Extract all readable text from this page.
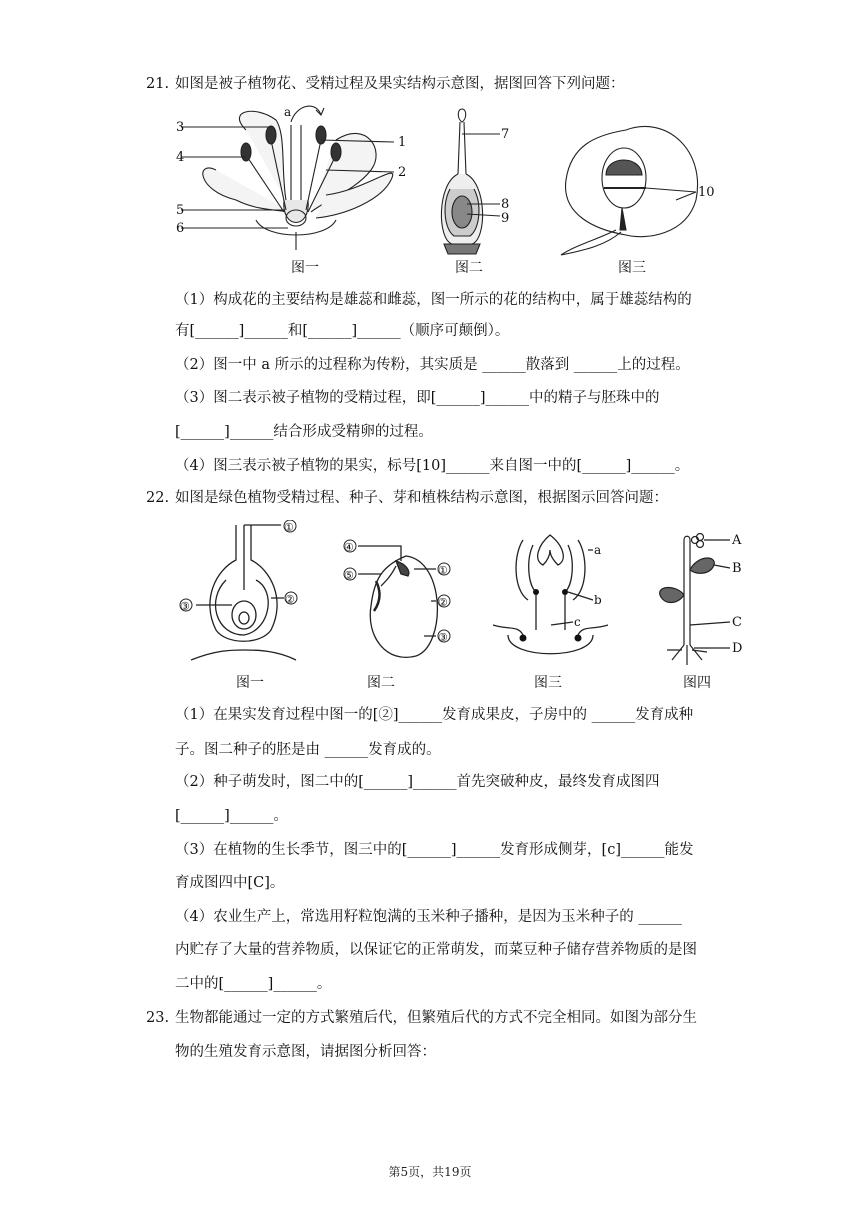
21. 如图是被子植物花、受精过程及果实结构示意图，据图回答下列问题：
3
a
1
4
2
5
6
图一
7
8
9
图二
10
图三
（1）构成花的主要结构是雄蕊和雌蕊，图一所示的花的结构中，属于雄蕊结构的
有[______]______和[______]______（顺序可颠倒）。
（2）图一中 a 所示的过程称为传粉，其实质是 ______散落到 ______上的过程。
（3）图二表示被子植物的受精过程，即[______]______中的精子与胚珠中的
[______]______结合形成受精卵的过程。
（4）图三表示被子植物的果实，标号[10]______来自图一中的[______]______。
22. 如图是绿色植物受精过程、种子、芽和植株结构示意图，根据图示回答问题：
①
②
③
图一
④
⑤	①
②
③
图二
a
b
c
图三
A
B
C
D
图四
（1）在果实发育过程中图一的[②]______发育成果皮，子房中的 ______发育成种
子。图二种子的胚是由 ______发育成的。
（2）种子萌发时，图二中的[______]______首先突破种皮，最终发育成图四
[______]______。
（3）在植物的生长季节，图三中的[______]______发育形成侧芽，[c]______能发
育成图四中[C]。
（4）农业生产上，常选用籽粒饱满的玉米种子播种，是因为玉米种子的 ______
内贮存了大量的营养物质，以保证它的正常萌发，而菜豆种子储存营养物质的是图
二中的[______]______。
23. 生物都能通过一定的方式繁殖后代，但繁殖后代的方式不完全相同。如图为部分生
物的生殖发育示意图，请据图分析回答：
第5页，共19页
